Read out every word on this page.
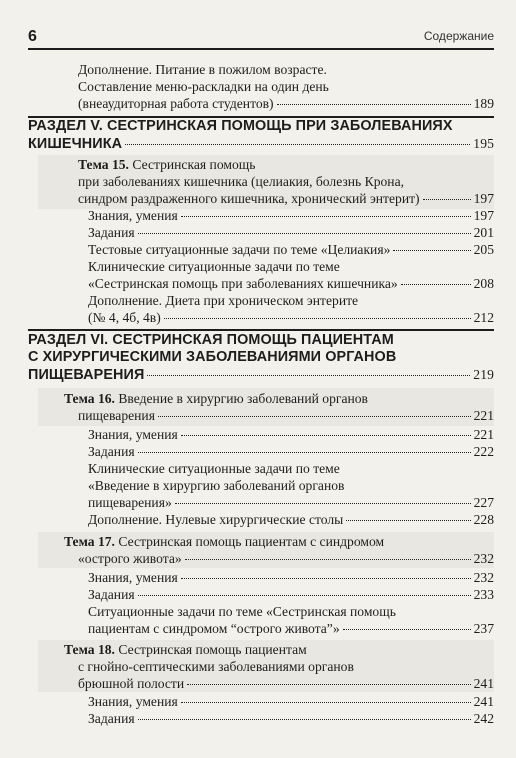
6	Содержание
Дополнение. Питание в пожилом возрасте.
Составление меню-раскладки на один день
(внеаудиторная работа студентов)	189
РАЗДЕЛ V. СЕСТРИНСКАЯ ПОМОЩЬ ПРИ ЗАБОЛЕВАНИЯХ
КИШЕЧНИКА	195
Тема 15. Сестринская помощь
при заболеваниях кишечника (целиакия, болезнь Крона,
синдром раздраженного кишечника, хронический энтерит)	197
Знания, умения	197
Задания	201
Тестовые ситуационные задачи по теме «Целиакия»	205
Клинические ситуационные задачи по теме
«Сестринская помощь при заболеваниях кишечника»	208
Дополнение. Диета при хроническом энтерите
(№ 4, 4б, 4в)	212
РАЗДЕЛ VI. СЕСТРИНСКАЯ ПОМОЩЬ ПАЦИЕНТАМ
С ХИРУРГИЧЕСКИМИ ЗАБОЛЕВАНИЯМИ ОРГАНОВ
ПИЩЕВАРЕНИЯ	219
Тема 16. Введение в хирургию заболеваний органов
пищеварения	221
Знания, умения	221
Задания	222
Клинические ситуационные задачи по теме
«Введение в хирургию заболеваний органов
пищеварения»	227
Дополнение. Нулевые хирургические столы	228
Тема 17. Сестринская помощь пациентам с синдромом
«острого живота»	232
Знания, умения	232
Задания	233
Ситуационные задачи по теме «Сестринская помощь
пациентам с синдромом “острого живота”»	237
Тема 18. Сестринская помощь пациентам
с гнойно-септическими заболеваниями органов
брюшной полости	241
Знания, умения	241
Задания	242
